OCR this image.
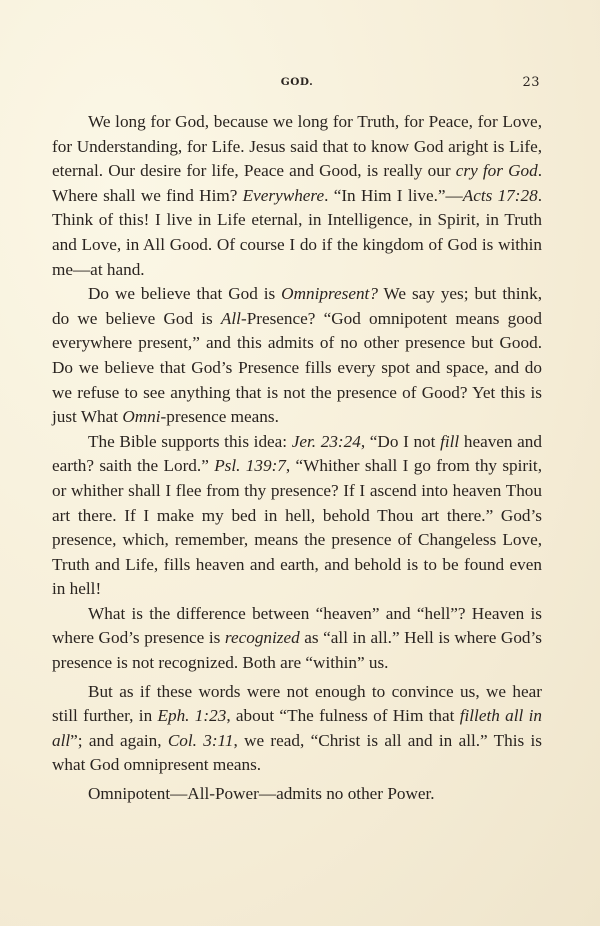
GOD.	23

We long for God, because we long for Truth, for Peace, for Love, for Understanding, for Life. Jesus said that to know God aright is Life, eternal. Our desire for life, Peace and Good, is really our cry for God. Where shall we find Him? Everywhere. “In Him I live.”—Acts 17:28. Think of this! I live in Life eternal, in Intelligence, in Spirit, in Truth and Love, in All Good. Of course I do if the kingdom of God is within me—at hand.

Do we believe that God is Omnipresent? We say yes; but think, do we believe God is All-Presence? “God omnipotent means good everywhere present,” and this admits of no other presence but Good. Do we believe that God’s Presence fills every spot and space, and do we refuse to see anything that is not the presence of Good? Yet this is just What Omni-presence means.

The Bible supports this idea: Jer. 23:24, “Do I not fill heaven and earth? saith the Lord.” Psl. 139:7, “Whither shall I go from thy spirit, or whither shall I flee from thy presence? If I ascend into heaven Thou art there. If I make my bed in hell, behold Thou art there.” God’s presence, which, remember, means the presence of Changeless Love, Truth and Life, fills heaven and earth, and behold is to be found even in hell!

What is the difference between “heaven” and “hell”? Heaven is where God’s presence is recognized as “all in all.” Hell is where God’s presence is not recognized. Both are “within” us.

But as if these words were not enough to convince us, we hear still further, in Eph. 1:23, about “The fulness of Him that filleth all in all”; and again, Col. 3:11, we read, “Christ is all and in all.” This is what God omnipresent means.

Omnipotent—All-Power—admits no other Power.
